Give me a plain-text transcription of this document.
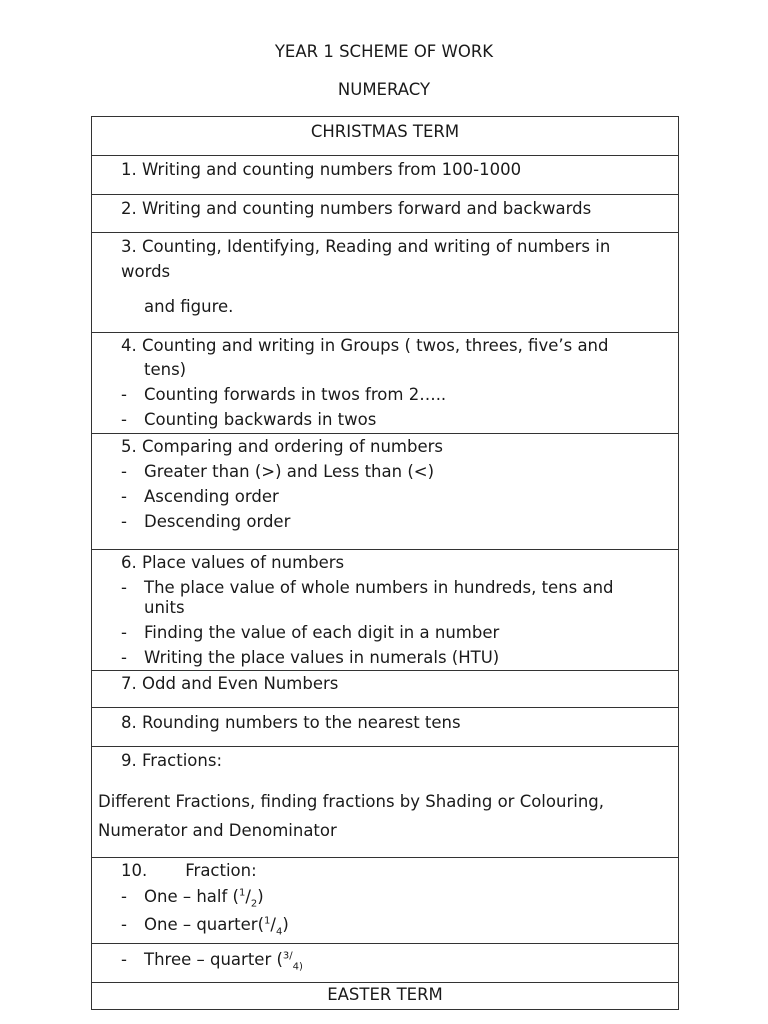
YEAR 1 SCHEME OF WORK
NUMERACY
CHRISTMAS TERM

1. Writing and counting numbers from 100-1000

2. Writing and counting numbers forward and backwards

3. Counting, Identifying, Reading and writing of numbers in words
and figure.

4. Counting and writing in Groups ( twos, threes, five’s and
tens)
-	Counting forwards in twos from 2…..
-	Counting backwards in twos

5. Comparing and ordering of numbers
-	Greater than (>) and Less than (<)
-	Ascending order
-	Descending order

6. Place values of numbers
-	The place value of whole numbers in hundreds, tens and units
-	Finding the value of each digit in a number
-	Writing the place values in numerals (HTU)

7. Odd and Even Numbers

8. Rounding numbers to the nearest tens

9. Fractions:
Different Fractions, finding fractions by Shading or Colouring,
Numerator and Denominator

10. Fraction:
-	One – half $(^1/_2)$
-	One – $quarter(^1/_4)$

-	Three – quarter ($^{3/}_{4)}$

EASTER TERM
